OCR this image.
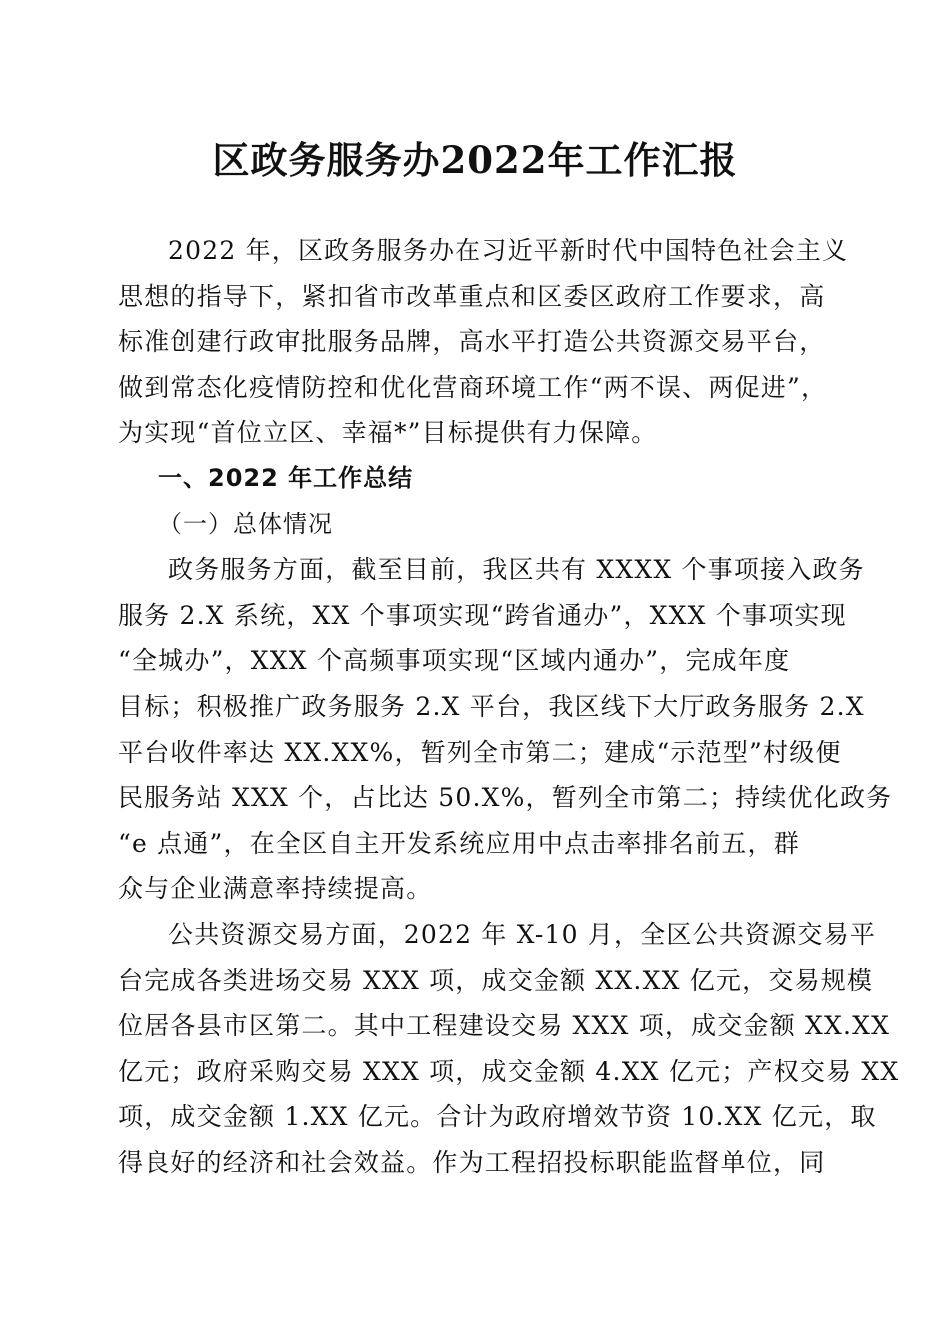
区政务服务办2022年工作汇报

2022 年，区政务服务办在习近平新时代中国特色社会主义
思想的指导下，紧扣省市改革重点和区委区政府工作要求，高
标准创建行政审批服务品牌，高水平打造公共资源交易平台，
做到常态化疫情防控和优化营商环境工作“两不误、两促进”，
为实现“首位立区、幸福*”目标提供有力保障。

一、2022 年工作总结

（一）总体情况

政务服务方面，截至目前，我区共有 XXXX 个事项接入政务
服务 2.X 系统，XX 个事项实现“跨省通办”，XXX 个事项实现
“全城办”，XXX 个高频事项实现“区域内通办”，完成年度
目标；积极推广政务服务 2.X 平台，我区线下大厅政务服务 2.X
平台收件率达 XX.XX%，暂列全市第二；建成“示范型”村级便
民服务站 XXX 个，占比达 50.X%，暂列全市第二；持续优化政务
“e 点通”，在全区自主开发系统应用中点击率排名前五，群
众与企业满意率持续提高。

公共资源交易方面，2022 年 X-10 月，全区公共资源交易平
台完成各类进场交易 XXX 项，成交金额 XX.XX 亿元，交易规模
位居各县市区第二。其中工程建设交易 XXX 项，成交金额 XX.XX
亿元；政府采购交易 XXX 项，成交金额 4.XX 亿元；产权交易 XX
项，成交金额 1.XX 亿元。合计为政府增效节资 10.XX 亿元，取
得良好的经济和社会效益。作为工程招投标职能监督单位，同
